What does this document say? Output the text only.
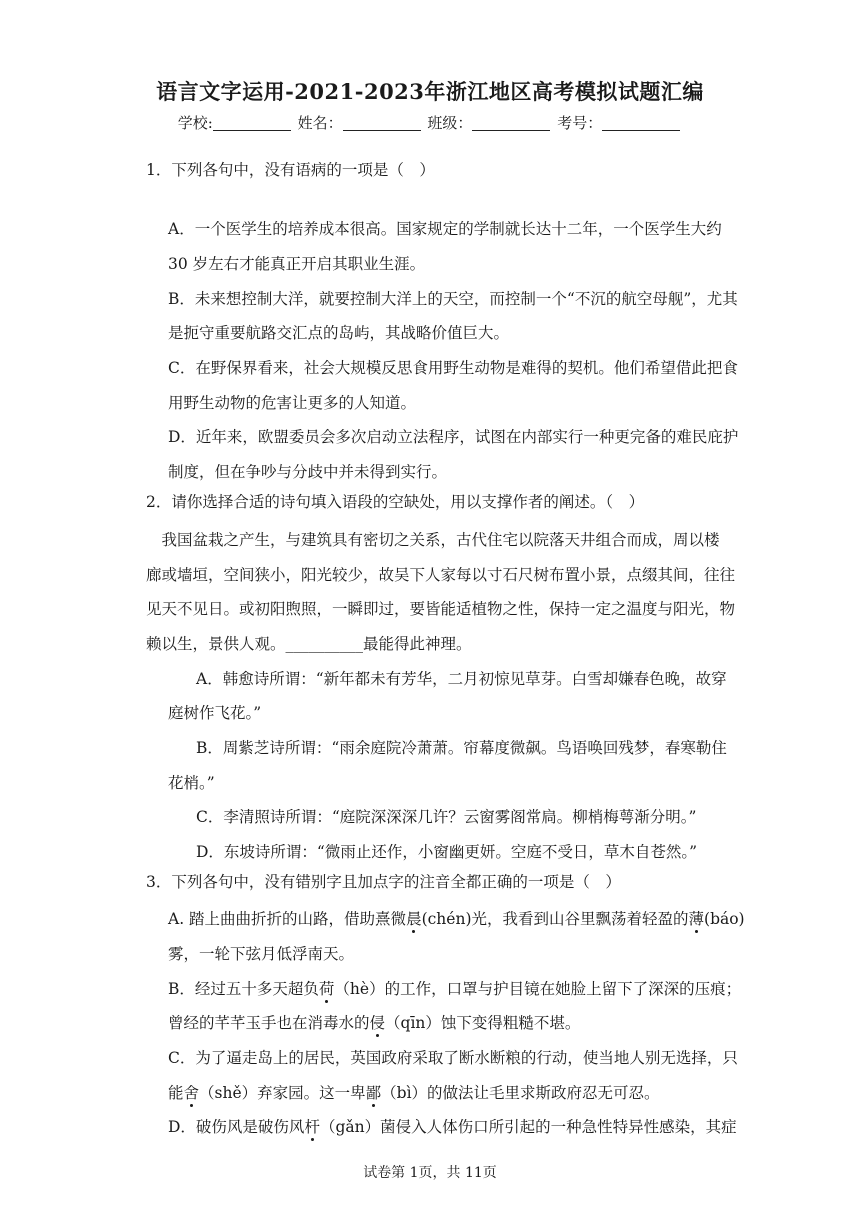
语言文字运用-2021-2023年浙江地区高考模拟试题汇编
学校:	姓名：	班级：	考号：
1．下列各句中，没有语病的一项是（　）
A．一个医学生的培养成本很高。国家规定的学制就长达十二年，一个医学生大约
30 岁左右才能真正开启其职业生涯。
B．未来想控制大洋，就要控制大洋上的天空，而控制一个“不沉的航空母舰”，尤其
是扼守重要航路交汇点的岛屿，其战略价值巨大。
C．在野保界看来，社会大规模反思食用野生动物是难得的契机。他们希望借此把食
用野生动物的危害让更多的人知道。
D．近年来，欧盟委员会多次启动立法程序，试图在内部实行一种更完备的难民庇护
制度，但在争吵与分歧中并未得到实行。
2．请你选择合适的诗句填入语段的空缺处，用以支撑作者的阐述。（　）
　我国盆栽之产生，与建筑具有密切之关系，古代住宅以院落天井组合而成，周以楼
廊或墙垣，空间狭小，阳光较少，故吴下人家每以寸石尺树布置小景，点缀其间，往往
见天不见日。或初阳煦照，一瞬即过，要皆能适植物之性，保持一定之温度与阳光，物
赖以生，景供人观。__________最能得此神理。
A．韩愈诗所谓：“新年都未有芳华，二月初惊见草芽。白雪却嫌春色晚，故穿
庭树作飞花。”
B．周紫芝诗所谓：“雨余庭院冷萧萧。帘幕度微飙。鸟语唤回残梦，春寒勒住
花梢。”
C．李清照诗所谓：“庭院深深深几许？云窗雾阁常扃。柳梢梅萼渐分明。”
D．东坡诗所谓：“微雨止还作，小窗幽更妍。空庭不受日，草木自苍然。”
3．下列各句中，没有错别字且加点字的注音全都正确的一项是（　）
A. 踏上曲曲折折的山路，借助熹微晨(chén)光，我看到山谷里飘荡着轻盈的薄(báo)
雾，一轮下弦月低浮南天。
B．经过五十多天超负荷（hè）的工作，口罩与护目镜在她脸上留下了深深的压痕；
曾经的芊芊玉手也在消毒水的侵（qīn）蚀下变得粗糙不堪。
C．为了逼走岛上的居民，英国政府采取了断水断粮的行动，使当地人别无选择，只
能舍（shě）弃家园。这一卑鄙（bì）的做法让毛里求斯政府忍无可忍。
D．破伤风是破伤风杆（gǎn）菌侵入人体伤口所引起的一种急性特异性感染，其症
试卷第 1页，共 11页
